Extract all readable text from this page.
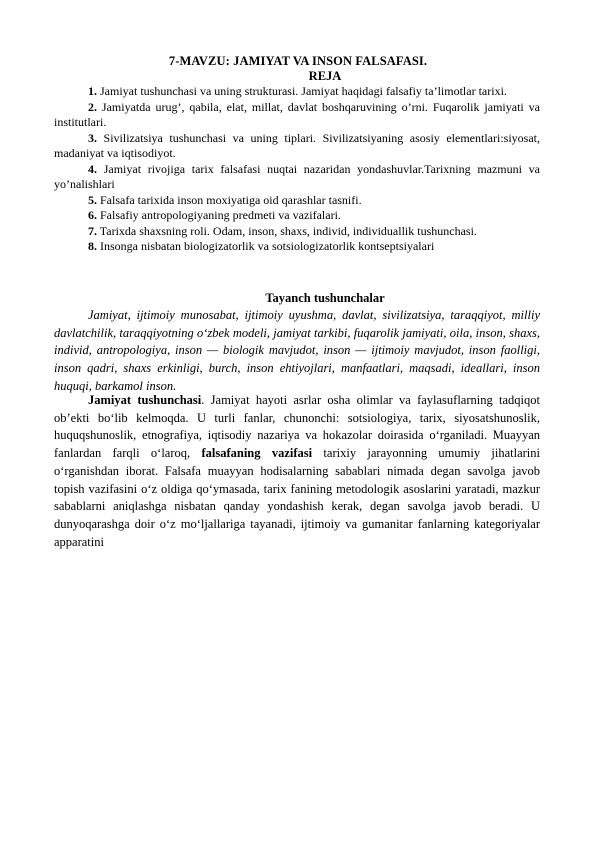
7-MAVZU: JAMIYAT VA INSON FALSAFASI.
REJA

1. Jamiyat tushunchasi va uning strukturasi. Jamiyat haqidagi falsafiy ta’limotlar tarixi.

2. Jamiyatda urug’, qabila, elat, millat, davlat boshqaruvining o’rni. Fuqarolik jamiyati va institutlari.

3. Sivilizatsiya tushunchasi va uning tiplari. Sivilizatsiyaning asosiy elementlari:siyosat, madaniyat va iqtisodiyot.

4. Jamiyat rivojiga tarix falsafasi nuqtai nazaridan yondashuvlar.Tarixning mazmuni va yo’nalishlari

5. Falsafa tarixida inson moxiyatiga oid qarashlar tasnifi.

6. Falsafiy antropologiyaning predmeti va vazifalari.

7. Tarixda shaxsning roli. Odam, inson, shaxs, individ, individuallik tushunchasi.

8. Insonga nisbatan biologizatorlik va sotsiologizatorlik kontseptsiyalari

Tayanch tushunchalar

Jamiyat, ijtimoiy munosabat, ijtimoiy uyushma, davlat, sivilizatsiya, taraqqiyot, milliy davlatchilik, taraqqiyotning o‘zbek modeli, jamiyat tarkibi, fuqarolik jamiyati, oila, inson, shaxs, individ, antropologiya, inson — biologik mavjudot, inson — ijtimoiy mavjudot, inson faolligi, inson qadri, shaxs erkinligi, burch, inson ehtiyojlari, manfaatlari, maqsadi, ideallari, inson huquqi, barkamol inson.

Jamiyat tushunchasi. Jamiyat hayoti asrlar osha olimlar va faylasuflarning tadqiqot ob’ekti bo‘lib kelmoqda. U turli fanlar, chunonchi: sotsiologiya, tarix, siyosatshunoslik, huquqshunoslik, etnografiya, iqtisodiy nazariya va hokazolar doirasida o‘rganiladi. Muayyan fanlardan farqli o‘laroq, falsafaning vazifasi tarixiy jarayonning umumiy jihatlarini o‘rganishdan iborat. Falsafa muayyan hodisalarning sabablari nimada degan savolga javob topish vazifasini o‘z oldiga qo‘ymasada, tarix fanining metodologik asoslarini yaratadi, mazkur sabablarni aniqlashga nisbatan qanday yondashish kerak, degan savolga javob beradi. U dunyoqarashga doir o‘z mo‘ljallariga tayanadi, ijtimoiy va gumanitar fanlarning kategoriyalar apparatini
